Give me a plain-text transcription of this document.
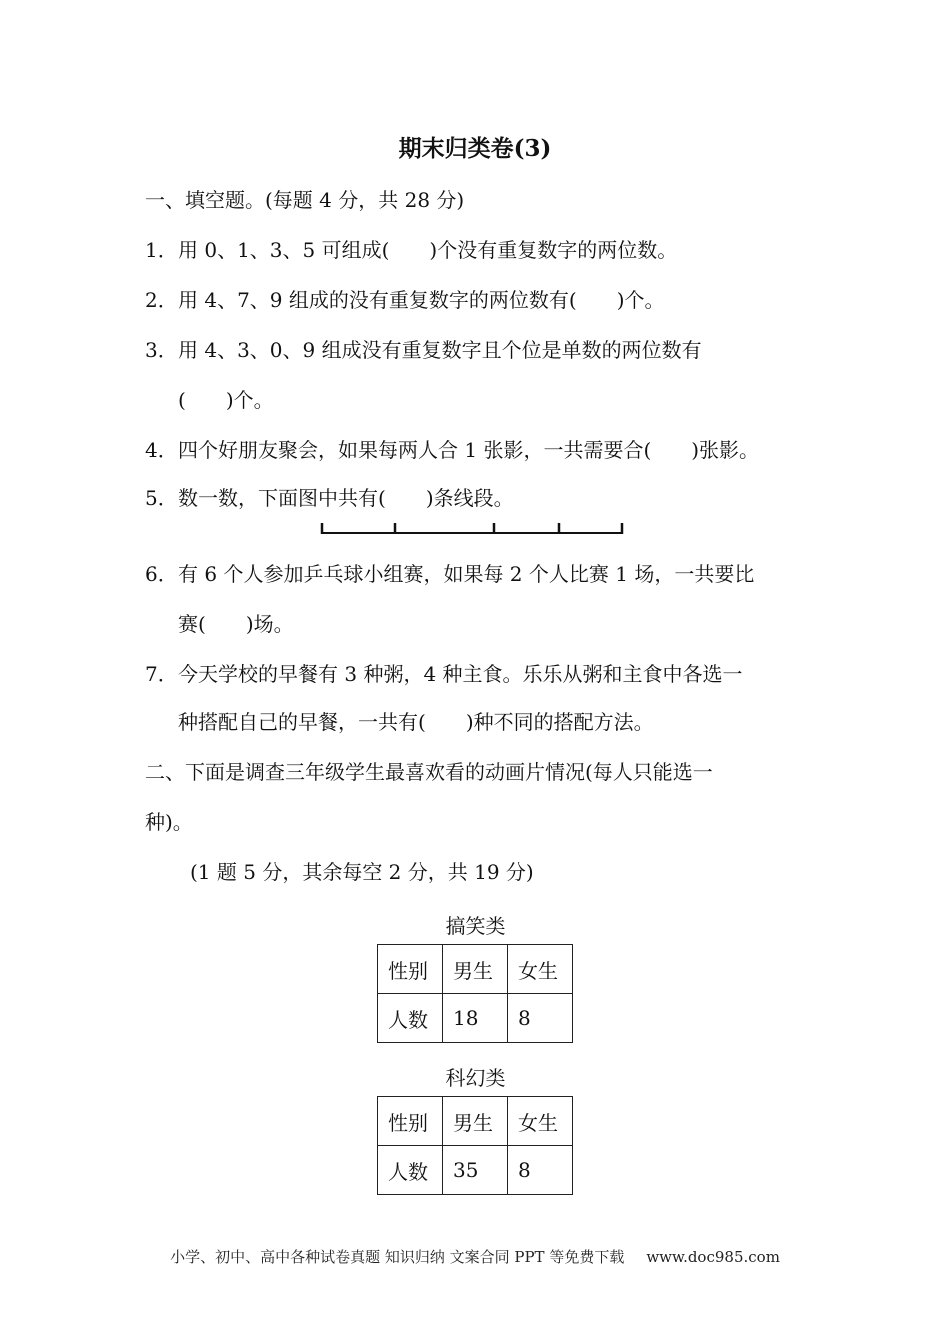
期末归类卷(3)
一、填空题。(每题 4 分，共 28 分)
1．用 0、1、3、5 可组成( )个没有重复数字的两位数。
2．用 4、7、9 组成的没有重复数字的两位数有( )个。
3．用 4、3、0、9 组成没有重复数字且个位是单数的两位数有
( )个。
4．四个好朋友聚会，如果每两人合 1 张影，一共需要合( )张影。
5．数一数，下面图中共有( )条线段。
6．有 6 个人参加乒乓球小组赛，如果每 2 个人比赛 1 场，一共要比
赛( )场。
7．今天学校的早餐有 3 种粥，4 种主食。乐乐从粥和主食中各选一
种搭配自己的早餐，一共有( )种不同的搭配方法。
二、下面是调查三年级学生最喜欢看的动画片情况(每人只能选一
种)。
(1 题 5 分，其余每空 2 分，共 19 分)
搞笑类
性别	男生	女生
人数	18	8
科幻类
性别	男生	女生
人数	35	8
小学、初中、高中各种试卷真题 知识归纳 文案合同 PPT 等免费下载 www.doc985.com
